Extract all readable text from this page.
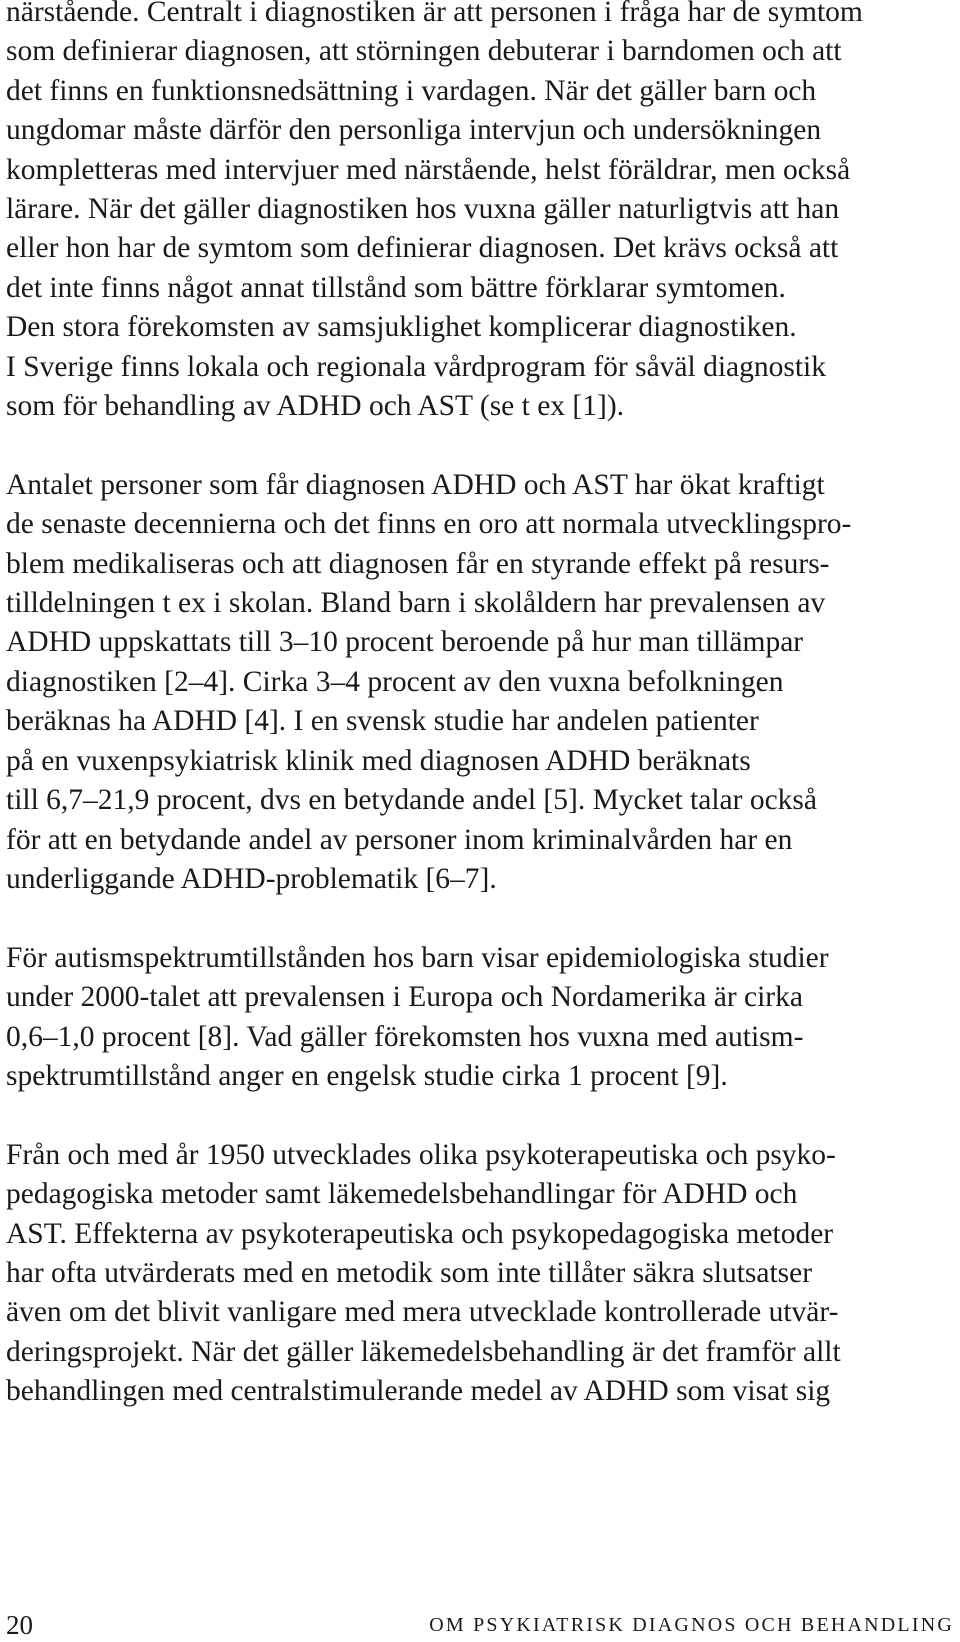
närstående. Centralt i diagnostiken är att personen i fråga har de symtom
som definierar diagnosen, att störningen debuterar i barndomen och att
det finns en funktionsnedsättning i vardagen. När det gäller barn och
ungdomar måste därför den personliga intervjun och undersökningen
kompletteras med intervjuer med närstående, helst föräldrar, men också
lärare. När det gäller diagnostiken hos vuxna gäller naturligtvis att han
eller hon har de symtom som definierar diagnosen. Det krävs också att
det inte finns något annat tillstånd som bättre förklarar symtomen.
Den stora förekomsten av samsjuklighet komplicerar diagnostiken.
I Sverige finns lokala och regionala vårdprogram för såväl diagnostik
som för behandling av ADHD och AST (se t ex [1]).

Antalet personer som får diagnosen ADHD och AST har ökat kraftigt
de senaste decennierna och det finns en oro att normala utvecklingspro-
blem medikaliseras och att diagnosen får en styrande effekt på resurs-
tilldelningen t ex i skolan. Bland barn i skolåldern har prevalensen av
ADHD uppskattats till 3–10 procent beroende på hur man tillämpar
diagnostiken [2–4]. Cirka 3–4 procent av den vuxna befolkningen
beräknas ha ADHD [4]. I en svensk studie har andelen patienter
på en vuxenpsykiatrisk klinik med diagnosen ADHD beräknats
till 6,7–21,9 procent, dvs en betydande andel [5]. Mycket talar också
för att en betydande andel av personer inom kriminalvården har en
underliggande ADHD-problematik [6–7].

För autismspektrumtillstånden hos barn visar epidemiologiska studier
under 2000-talet att prevalensen i Europa och Nordamerika är cirka
0,6–1,0 procent [8]. Vad gäller förekomsten hos vuxna med autism-
spektrumtillstånd anger en engelsk studie cirka 1 procent [9].

Från och med år 1950 utvecklades olika psykoterapeutiska och psyko-
pedagogiska metoder samt läkemedelsbehandlingar för ADHD och
AST. Effekterna av psykoterapeutiska och psykopedagogiska metoder
har ofta utvärderats med en metodik som inte tillåter säkra slutsatser
även om det blivit vanligare med mera utvecklade kontrollerade utvär-
deringsprojekt. När det gäller läkemedelsbehandling är det framför allt
behandlingen med centralstimulerande medel av ADHD som visat sig

20	OM PSYKIATRISK DIAGNOS OCH BEHANDLING
